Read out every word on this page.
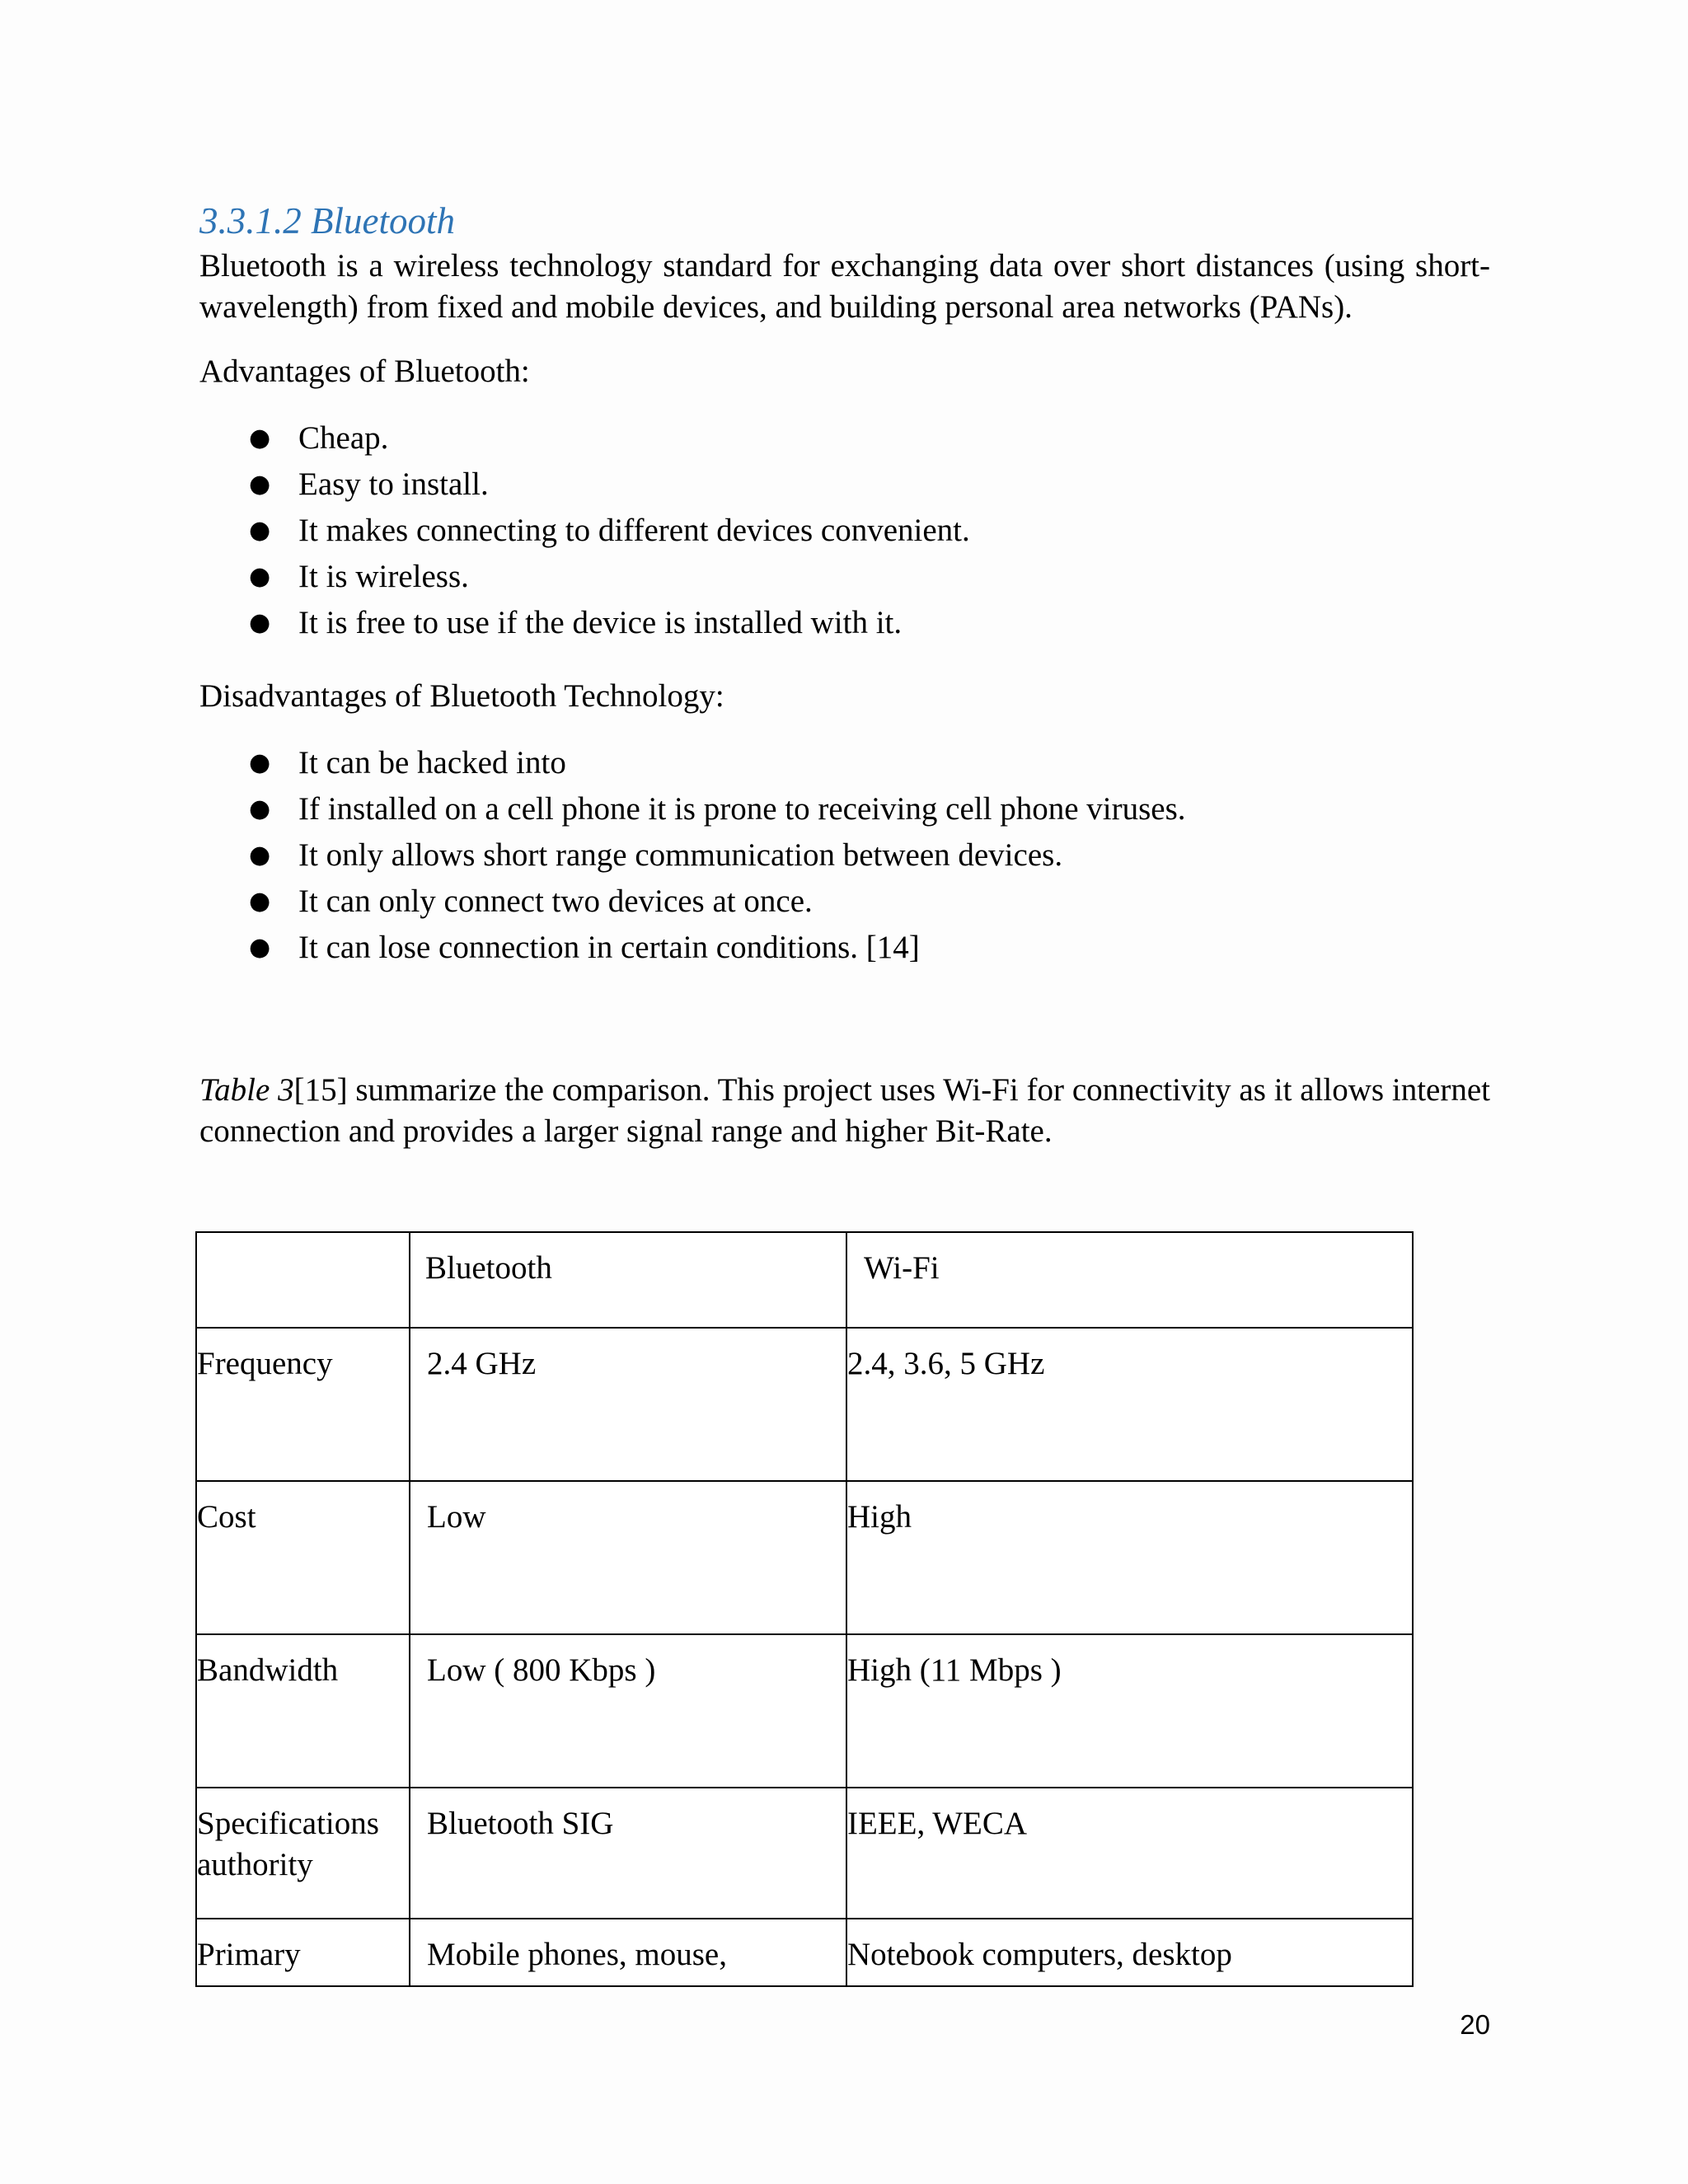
3.3.1.2 Bluetooth

Bluetooth is a wireless technology standard for exchanging data over short distances (using short-wavelength) from fixed and mobile devices, and building personal area networks (PANs).

Advantages of Bluetooth:

● Cheap.
● Easy to install.
● It makes connecting to different devices convenient.
● It is wireless.
● It is free to use if the device is installed with it.

Disadvantages of Bluetooth Technology:

● It can be hacked into
● If installed on a cell phone it is prone to receiving cell phone viruses.
● It only allows short range communication between devices.
● It can only connect two devices at once.
● It can lose connection in certain conditions. [14]

Table 3[15] summarize the comparison. This project uses Wi-Fi for connectivity as it allows internet connection and provides a larger signal range and higher Bit-Rate.

	Bluetooth	Wi-Fi

Frequency	2.4 GHz	2.4, 3.6, 5 GHz

Cost	Low	High

Bandwidth	Low ( 800 Kbps )	High (11 Mbps )

Specifications authority	Bluetooth SIG	IEEE, WECA

Primary	Mobile phones, mouse,	Notebook computers, desktop
20
